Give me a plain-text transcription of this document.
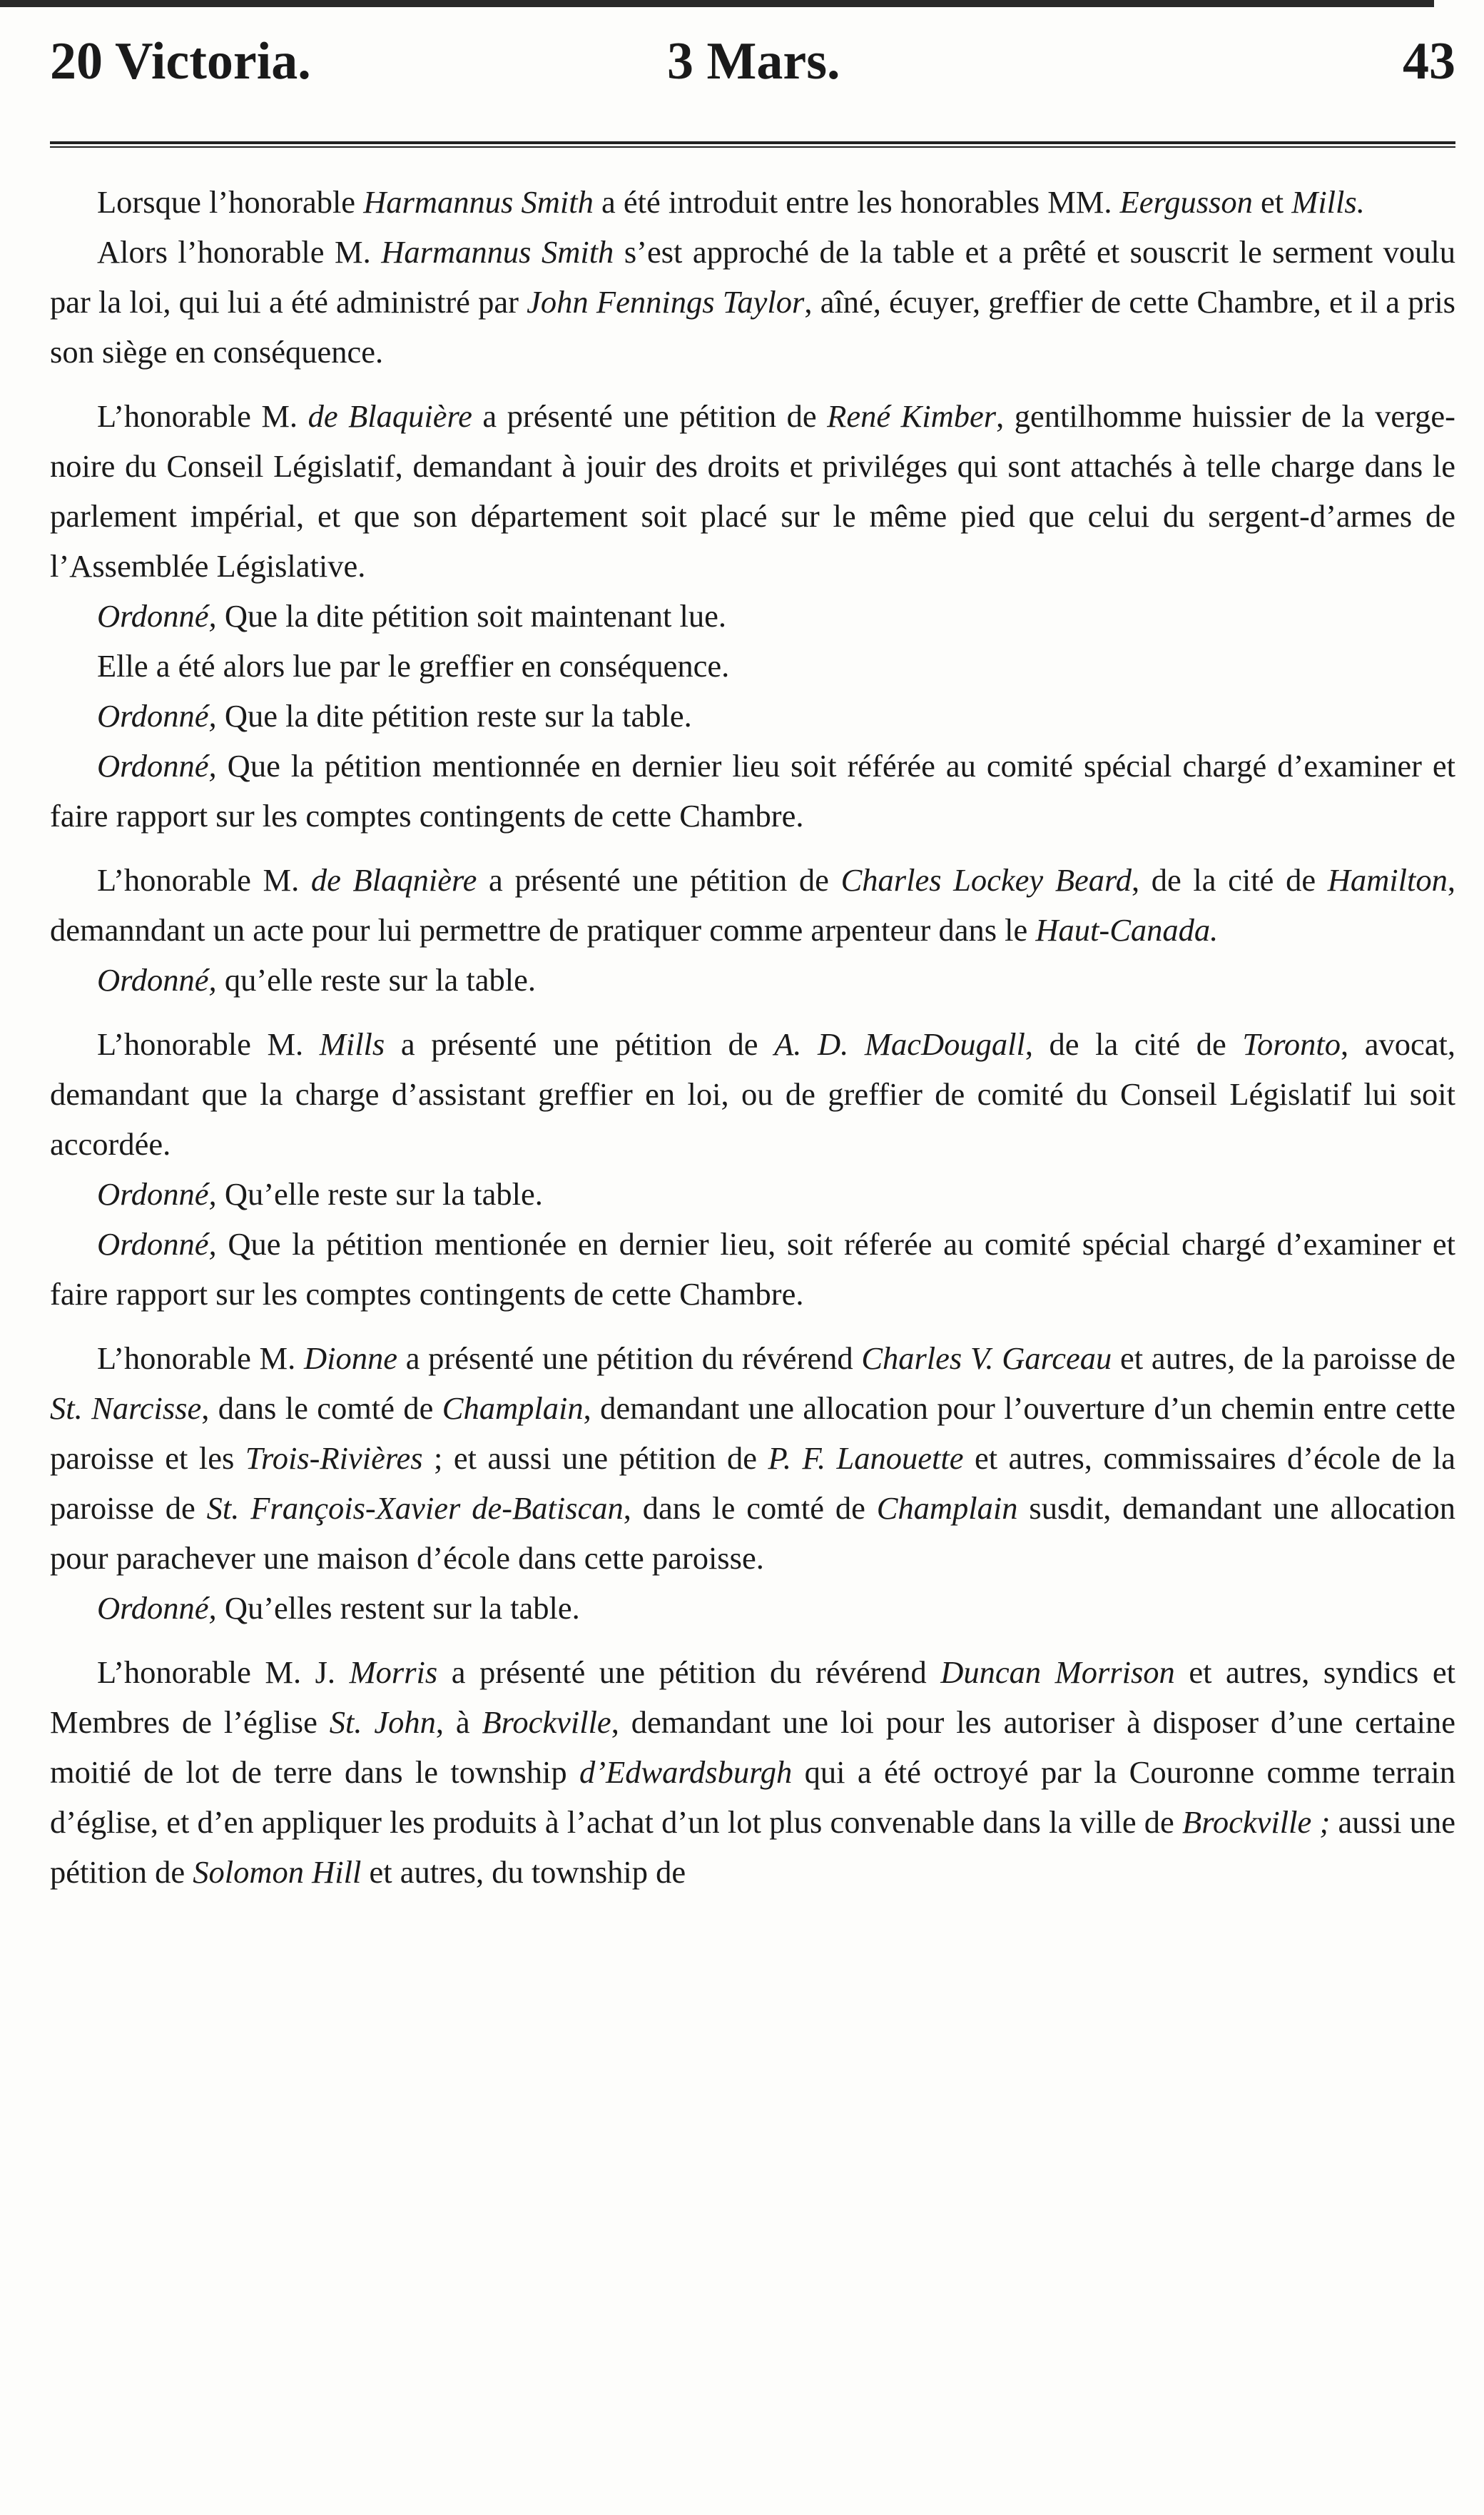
20 Victoria.	3 Mars.	43

Lorsque l’honorable Harmannus Smith a été introduit entre les honorables MM. Eergusson et Mills.

Alors l’honorable M. Harmannus Smith s’est approché de la table et a prêté et souscrit le serment voulu par la loi, qui lui a été administré par John Fennings Taylor, aîné, écuyer, greffier de cette Chambre, et il a pris son siège en conséquence.

L’honorable M. de Blaquière a présenté une pétition de René Kimber, gentilhomme huissier de la verge-noire du Conseil Législatif, demandant à jouir des droits et priviléges qui sont attachés à telle charge dans le parlement impérial, et que son département soit placé sur le même pied que celui du sergent-d’armes de l’Assemblée Législative.

Ordonné, Que la dite pétition soit maintenant lue.

Elle a été alors lue par le greffier en conséquence.

Ordonné, Que la dite pétition reste sur la table.

Ordonné, Que la pétition mentionnée en dernier lieu soit référée au comité spécial chargé d’examiner et faire rapport sur les comptes contingents de cette Chambre.

L’honorable M. de Blaqnière a présenté une pétition de Charles Lockey Beard, de la cité de Hamilton, demanndant un acte pour lui permettre de pratiquer comme arpenteur dans le Haut-Canada.

Ordonné, qu’elle reste sur la table.

L’honorable M. Mills a présenté une pétition de A. D. MacDougall, de la cité de Toronto, avocat, demandant que la charge d’assistant greffier en loi, ou de greffier de comité du Conseil Législatif lui soit accordée.

Ordonné, Qu’elle reste sur la table.

Ordonné, Que la pétition mentionée en dernier lieu, soit réferée au comité spécial chargé d’examiner et faire rapport sur les comptes contingents de cette Chambre.

L’honorable M. Dionne a présenté une pétition du révérend Charles V. Garceau et autres, de la paroisse de St. Narcisse, dans le comté de Champlain, demandant une allocation pour l’ouverture d’un chemin entre cette paroisse et les Trois-Rivières ; et aussi une pétition de P. F. Lanouette et autres, commissaires d’école de la paroisse de St. François-Xavier de-Batiscan, dans le comté de Champlain susdit, demandant une allocation pour parachever une maison d’école dans cette paroisse.

Ordonné, Qu’elles restent sur la table.

L’honorable M. J. Morris a présenté une pétition du révérend Duncan Morrison et autres, syndics et Membres de l’église St. John, à Brockville, demandant une loi pour les autoriser à disposer d’une certaine moitié de lot de terre dans le township d’Edwardsburgh qui a été octroyé par la Couronne comme terrain d’église, et d’en appliquer les produits à l’achat d’un lot plus convenable dans la ville de Brockville ; aussi une pétition de Solomon Hill et autres, du township de
